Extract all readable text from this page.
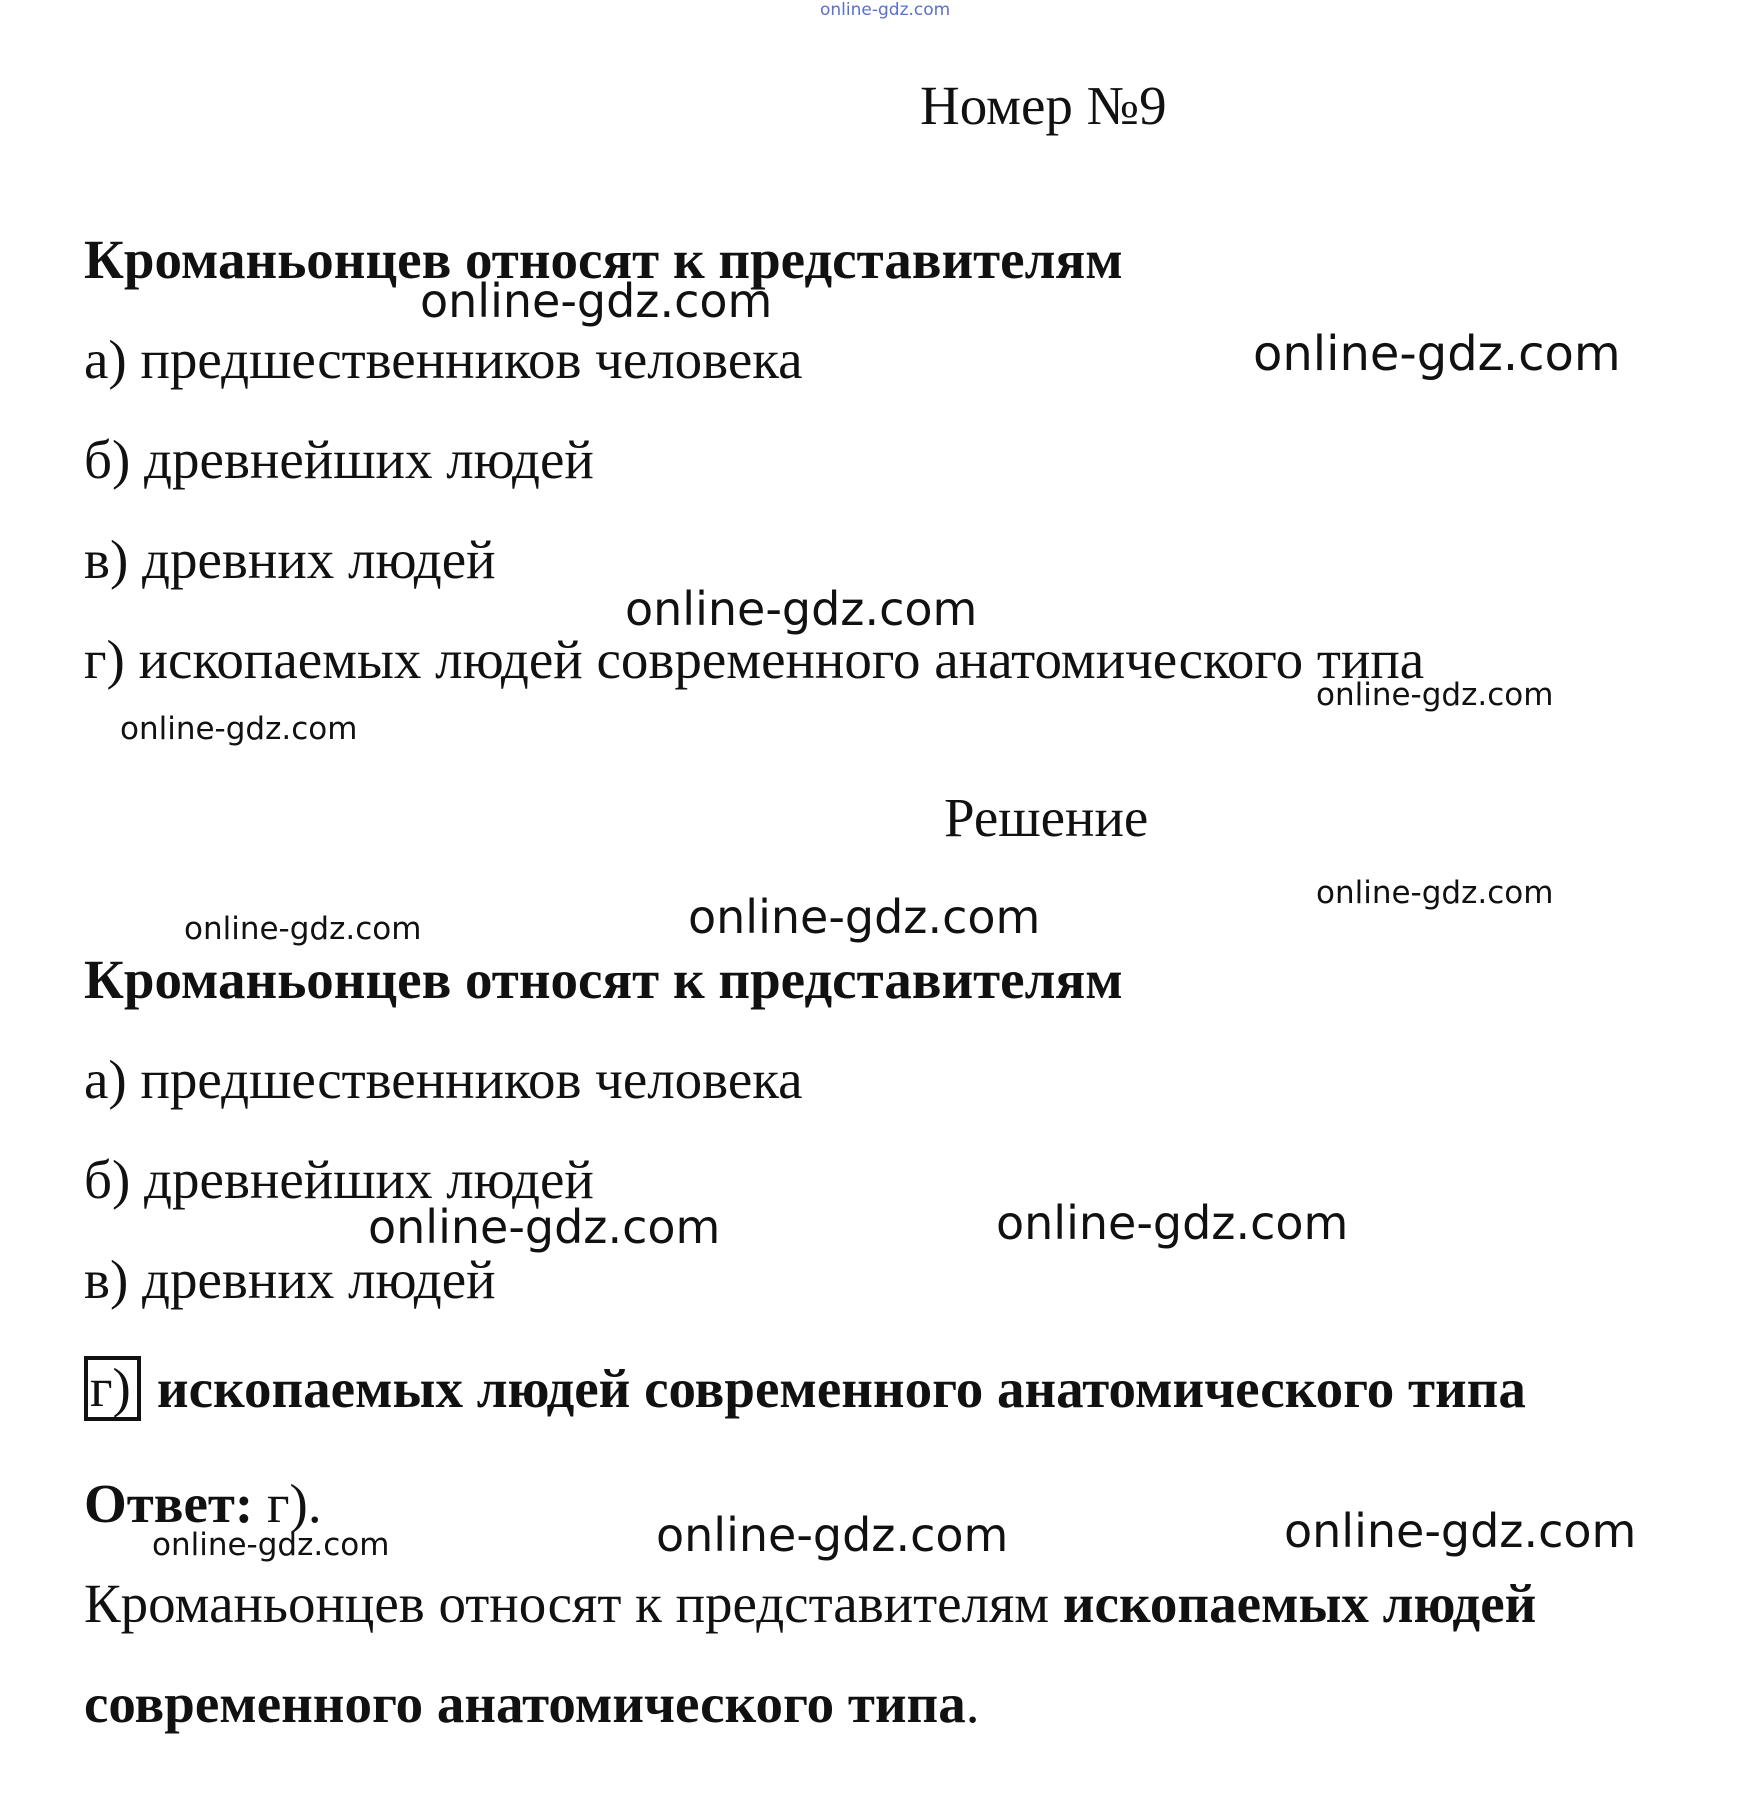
online-gdz.com
Номер №9
Кроманьонцев относят к представителям
а) предшественников человека
б) древнейших людей
в) древних людей
г) ископаемых людей современного анатомического типа
Решение
Кроманьонцев относят к представителям
а) предшественников человека
б) древнейших людей
в) древних людей
г) ископаемых людей современного анатомического типа
Ответ: г).
Кроманьонцев относят к представителям ископаемых людей
современного анатомического типа.
online-gdz.com
online-gdz.com
online-gdz.com
online-gdz.com
online-gdz.com
online-gdz.com
online-gdz.com	online-gdz.com
online-gdz.com	online-gdz.com
online-gdz.com	online-gdz.com	online-gdz.com
